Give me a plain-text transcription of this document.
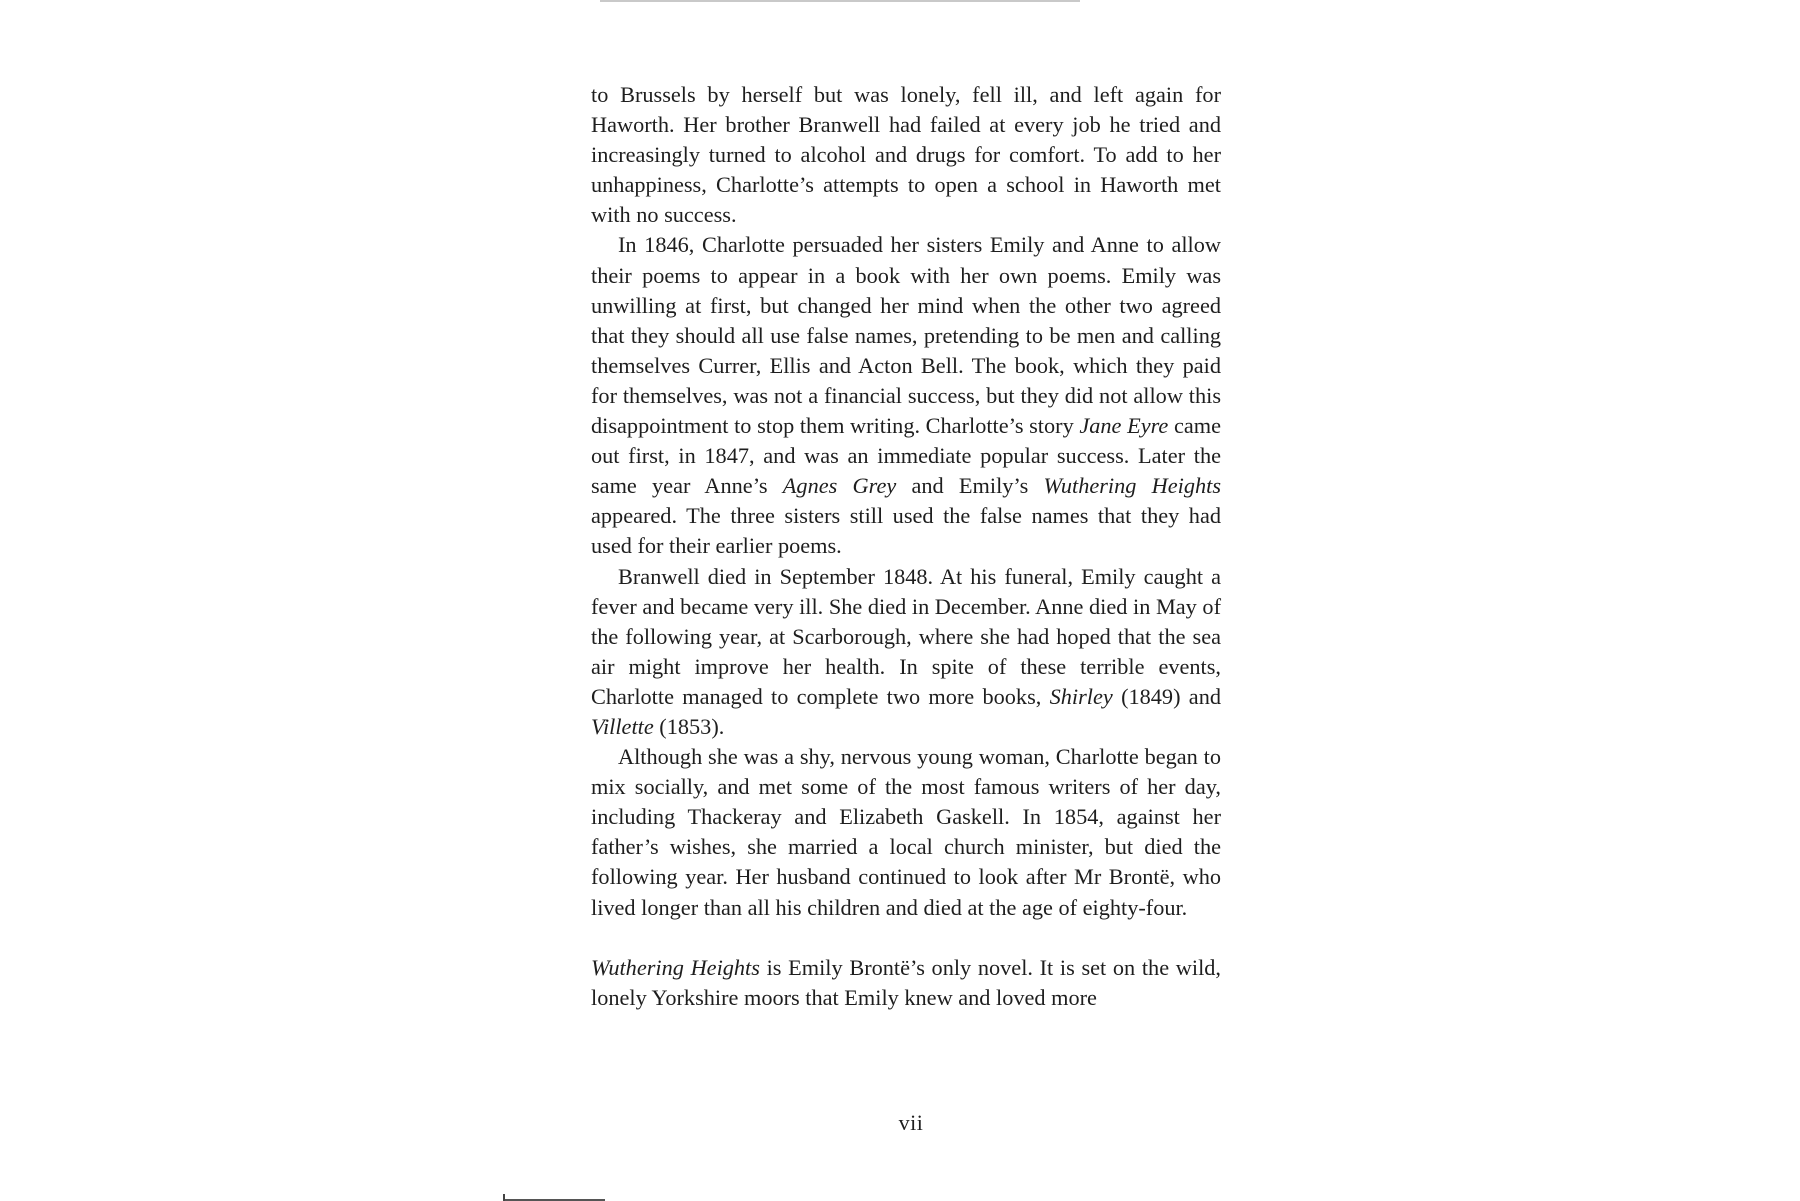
to Brussels by herself but was lonely, fell ill, and left again for Haworth. Her brother Branwell had failed at every job he tried and increasingly turned to alcohol and drugs for comfort. To add to her unhappiness, Charlotte’s attempts to open a school in Haworth met with no success.

In 1846, Charlotte persuaded her sisters Emily and Anne to allow their poems to appear in a book with her own poems. Emily was unwilling at first, but changed her mind when the other two agreed that they should all use false names, pretending to be men and calling themselves Currer, Ellis and Acton Bell. The book, which they paid for themselves, was not a financial success, but they did not allow this disappointment to stop them writing. Charlotte’s story Jane Eyre came out first, in 1847, and was an immediate popular success. Later the same year Anne’s Agnes Grey and Emily’s Wuthering Heights appeared. The three sisters still used the false names that they had used for their earlier poems.

Branwell died in September 1848. At his funeral, Emily caught a fever and became very ill. She died in December. Anne died in May of the following year, at Scarborough, where she had hoped that the sea air might improve her health. In spite of these terrible events, Charlotte managed to complete two more books, Shirley (1849) and Villette (1853).

Although she was a shy, nervous young woman, Charlotte began to mix socially, and met some of the most famous writers of her day, including Thackeray and Elizabeth Gaskell. In 1854, against her father’s wishes, she married a local church minister, but died the following year. Her husband continued to look after Mr Brontë, who lived longer than all his children and died at the age of eighty-four.

Wuthering Heights is Emily Brontë’s only novel. It is set on the wild, lonely Yorkshire moors that Emily knew and loved more

vii
